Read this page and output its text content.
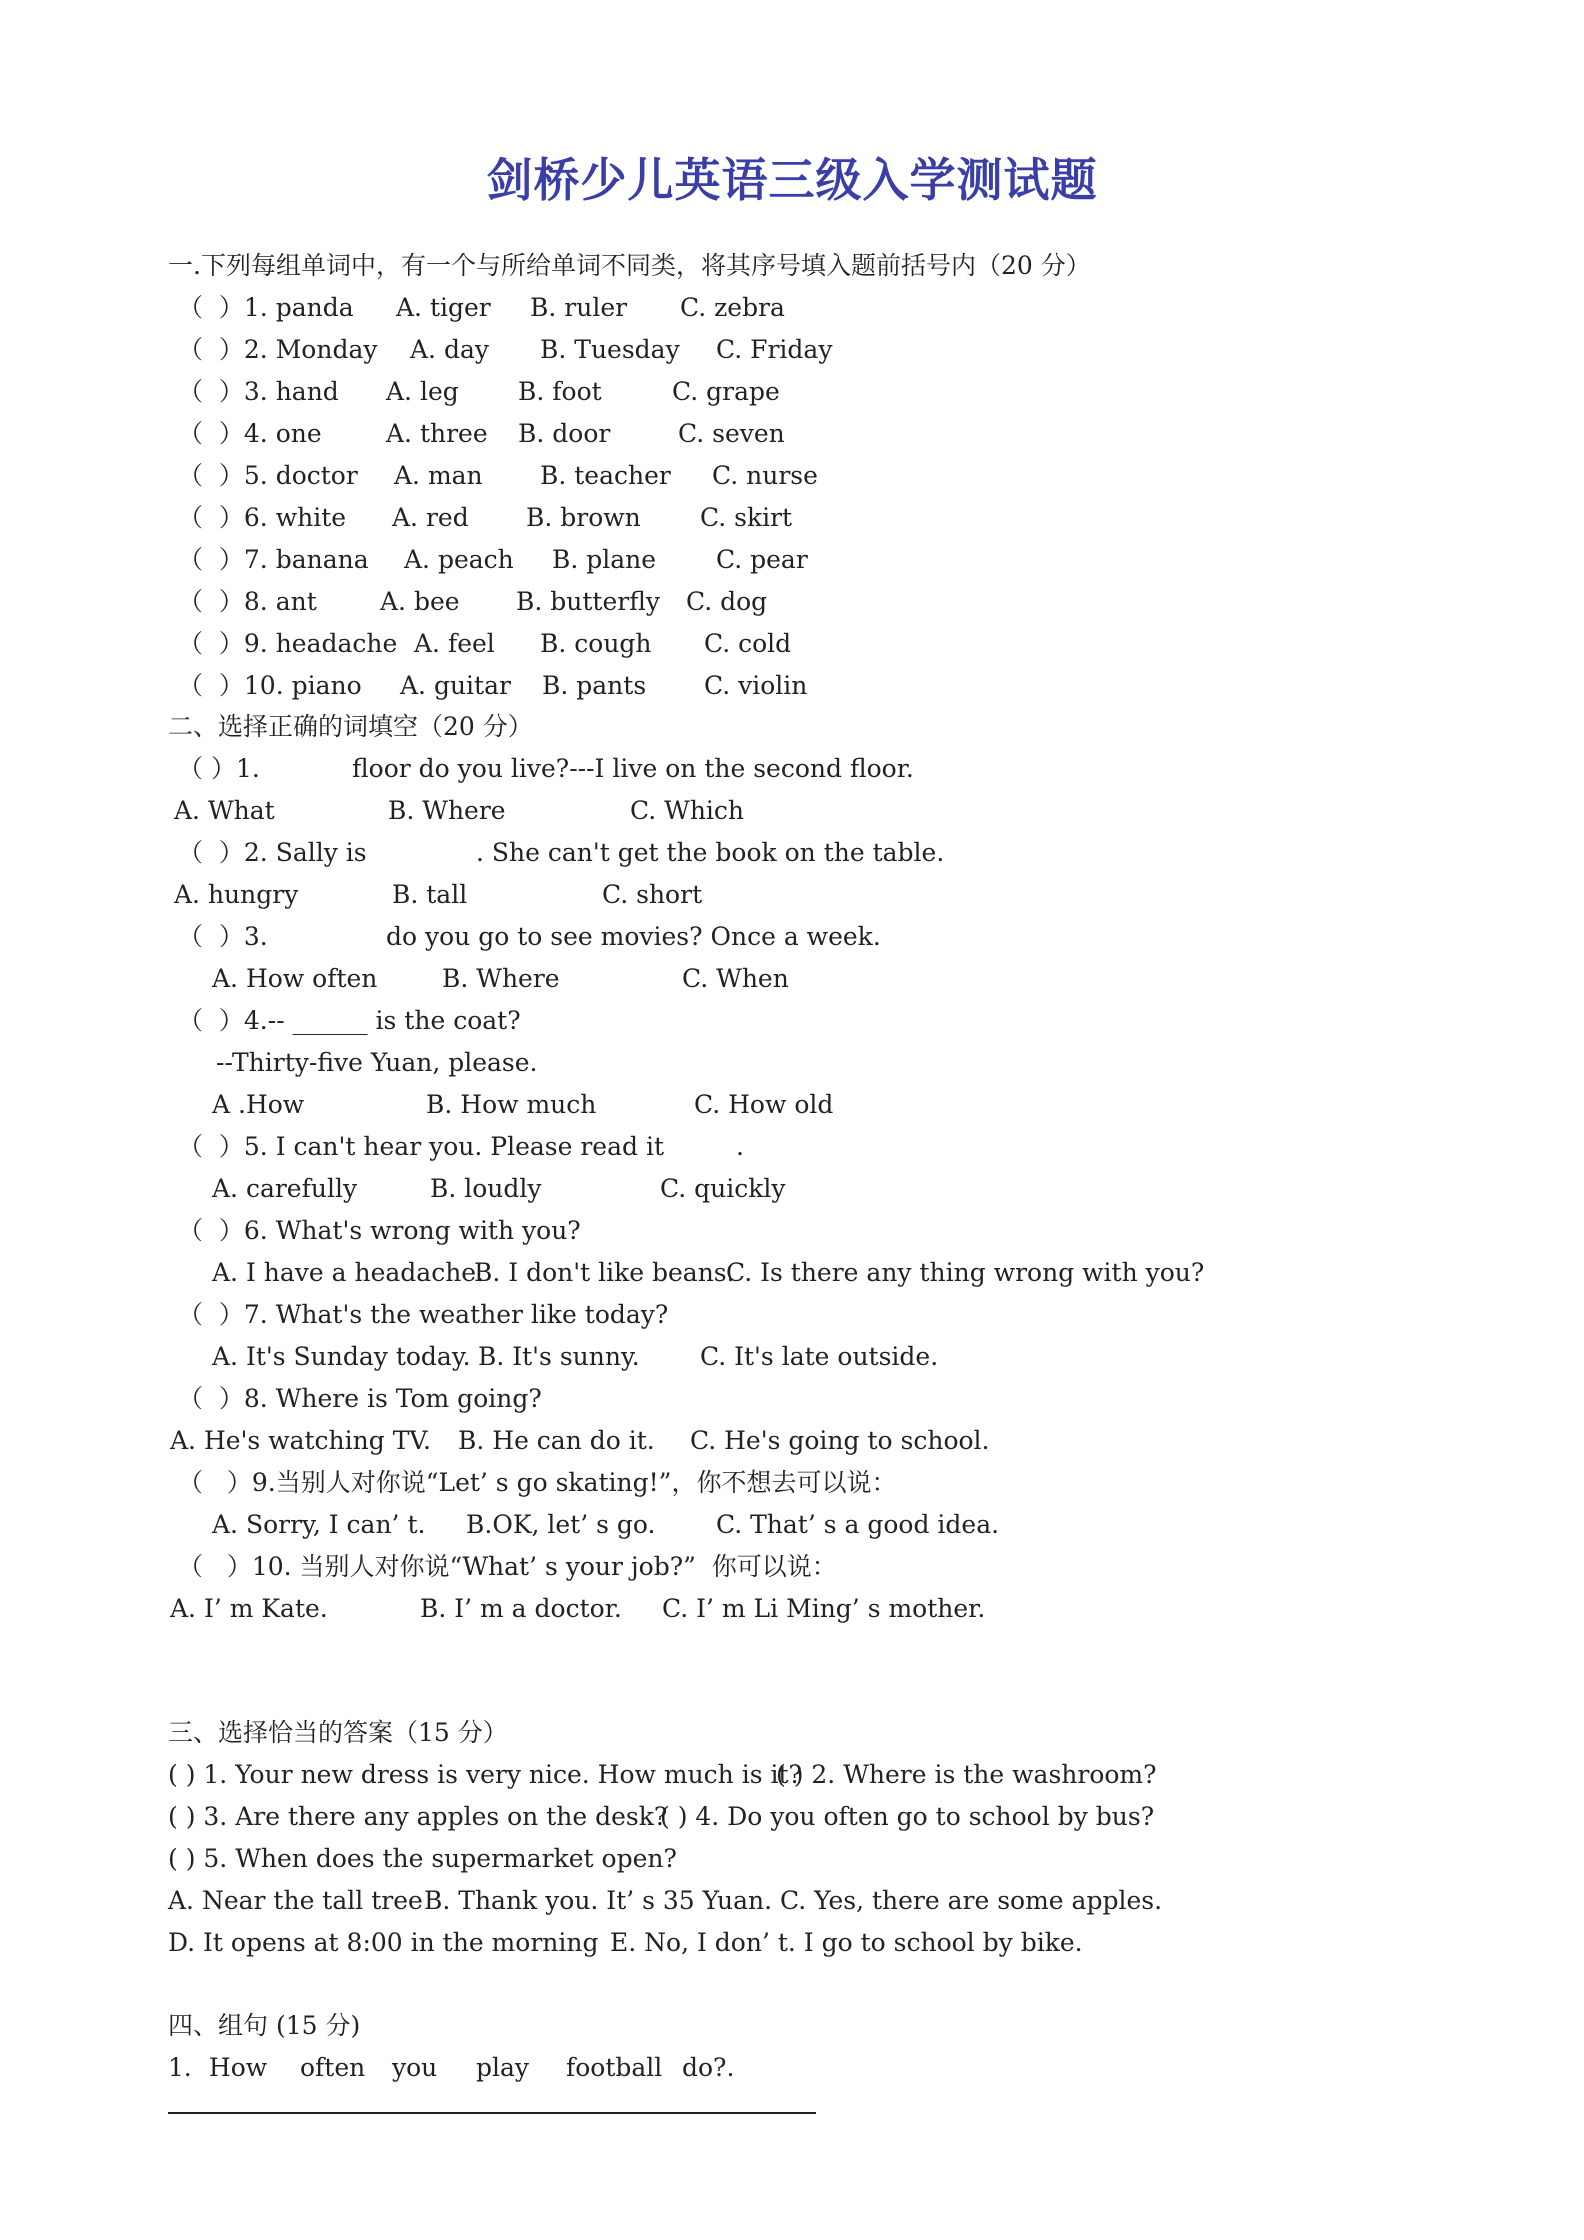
剑桥少儿英语三级入学测试题
一.下列每组单词中，有一个与所给单词不同类，将其序号填入题前括号内（20 分）
（  ）1. panda A. tiger B. ruler C. zebra
（  ）2. Monday A. day B. Tuesday C. Friday
（  ）3. hand A. leg B. foot	C. grape
（  ）4. one	A. three B. door	C. seven
（  ）5. doctor A. man B. teacher C. nurse
（  ）6. white A. red B. brown C. skirt
（  ）7. banana A. peach B. plane C. pear
（  ）8. ant	A. bee B. butterfly C. dog
（  ）9. headache A. feel B. cough C. cold
（  ）10. piano A. guitar B. pants C. violin
二、选择正确的词填空（20 分）
（ ）1.	floor do you live?---I live on the second floor.
A. What	B. Where	C. Which
（  ）2. Sally is	. She can't get the book on the table.
A. hungry	B. tall	C. short
（  ）3.	do you go to see movies? Once a week.
A. How often	B. Where	C. When
（  ）4.-- ______ is the coat?
--Thirty-five Yuan, please.
A .How	B. How much	C. How old
（  ）5. I can't hear you. Please read it	.
A. carefully	B. loudly	C. quickly
（  ）6. What's wrong with you?
A. I have a headache.
B. I don't like beans.
C. Is there any thing wrong with you?
（  ）7. What's the weather like today?
A. It's Sunday today. B. It's sunny. C. It's late outside.
（  ）8. Where is Tom going?
A. He's watching TV. B. He can do it. C. He's going to school.
（   ）9.当别人对你说“Let’ s go skating!”，你不想去可以说：
A. Sorry, I can’ t. B.OK, let’ s go. C. That’ s a good idea.
（   ）10. 当别人对你说“What’ s your job?”  你可以说：
A. I’ m Kate.	B. I’ m a doctor. C. I’ m Li Ming’ s mother.
三、选择恰当的答案（15 分）
( ) 1. Your new dress is very nice. How much is it?
( ) 2. Where is the washroom?
( ) 3. Are there any apples on the desk?
( ) 4. Do you often go to school by bus?
( ) 5. When does the supermarket open?
A. Near the tall tree B. Thank you. It’ s 35 Yuan. C. Yes, there are some apples.
D. It opens at 8:00 in the morning E. No, I don’ t. I go to school by bike.
四、组句 (15 分)
1．How often you play football do?.
